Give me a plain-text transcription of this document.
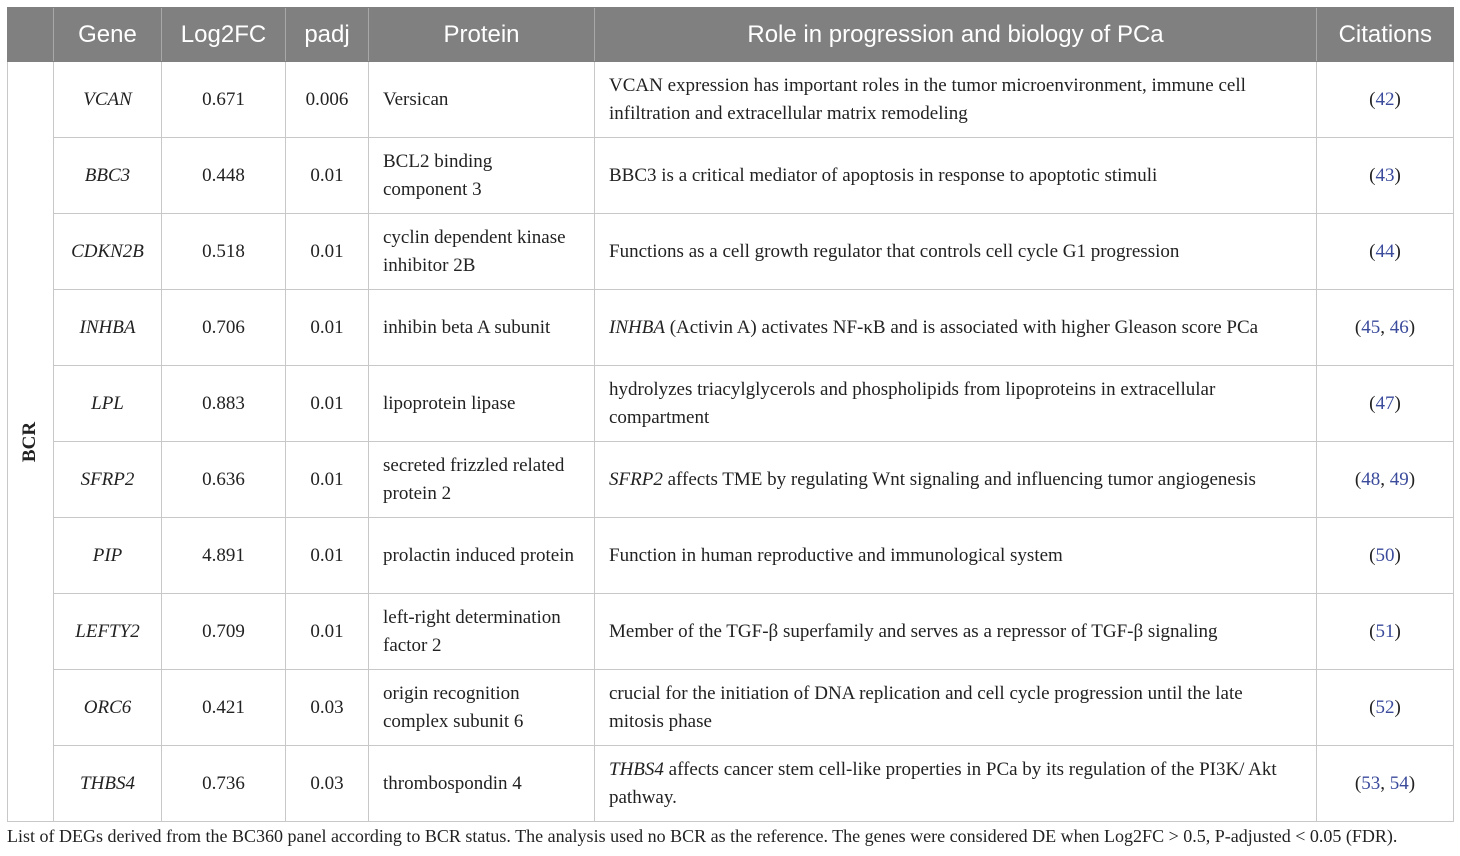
	Gene	Log2FC	padj	Protein	Role in progression and biology of PCa	Citations
BCR	VCAN	0.671	0.006	Versican	VCAN expression has important roles in the tumor microenvironment, immune cell infiltration and extracellular matrix remodeling	(42)
	BBC3	0.448	0.01	BCL2 binding component 3	BBC3 is a critical mediator of apoptosis in response to apoptotic stimuli	(43)
	CDKN2B	0.518	0.01	cyclin dependent kinase inhibitor 2B	Functions as a cell growth regulator that controls cell cycle G1 progression	(44)
	INHBA	0.706	0.01	inhibin beta A subunit	INHBA (Activin A) activates NF-κB and is associated with higher Gleason score PCa	(45, 46)
	LPL	0.883	0.01	lipoprotein lipase	hydrolyzes triacylglycerols and phospholipids from lipoproteins in extracellular compartment	(47)
	SFRP2	0.636	0.01	secreted frizzled related protein 2	SFRP2 affects TME by regulating Wnt signaling and influencing tumor angiogenesis	(48, 49)
	PIP	4.891	0.01	prolactin induced protein	Function in human reproductive and immunological system	(50)
	LEFTY2	0.709	0.01	left-right determination factor 2	Member of the TGF-β superfamily and serves as a repressor of TGF-β signaling	(51)
	ORC6	0.421	0.03	origin recognition complex subunit 6	crucial for the initiation of DNA replication and cell cycle progression until the late mitosis phase	(52)
	THBS4	0.736	0.03	thrombospondin 4	THBS4 affects cancer stem cell-like properties in PCa by its regulation of the PI3K/ Akt pathway.	(53, 54)
List of DEGs derived from the BC360 panel according to BCR status. The analysis used no BCR as the reference. The genes were considered DE when Log2FC > 0.5, P-adjusted < 0.05 (FDR).
